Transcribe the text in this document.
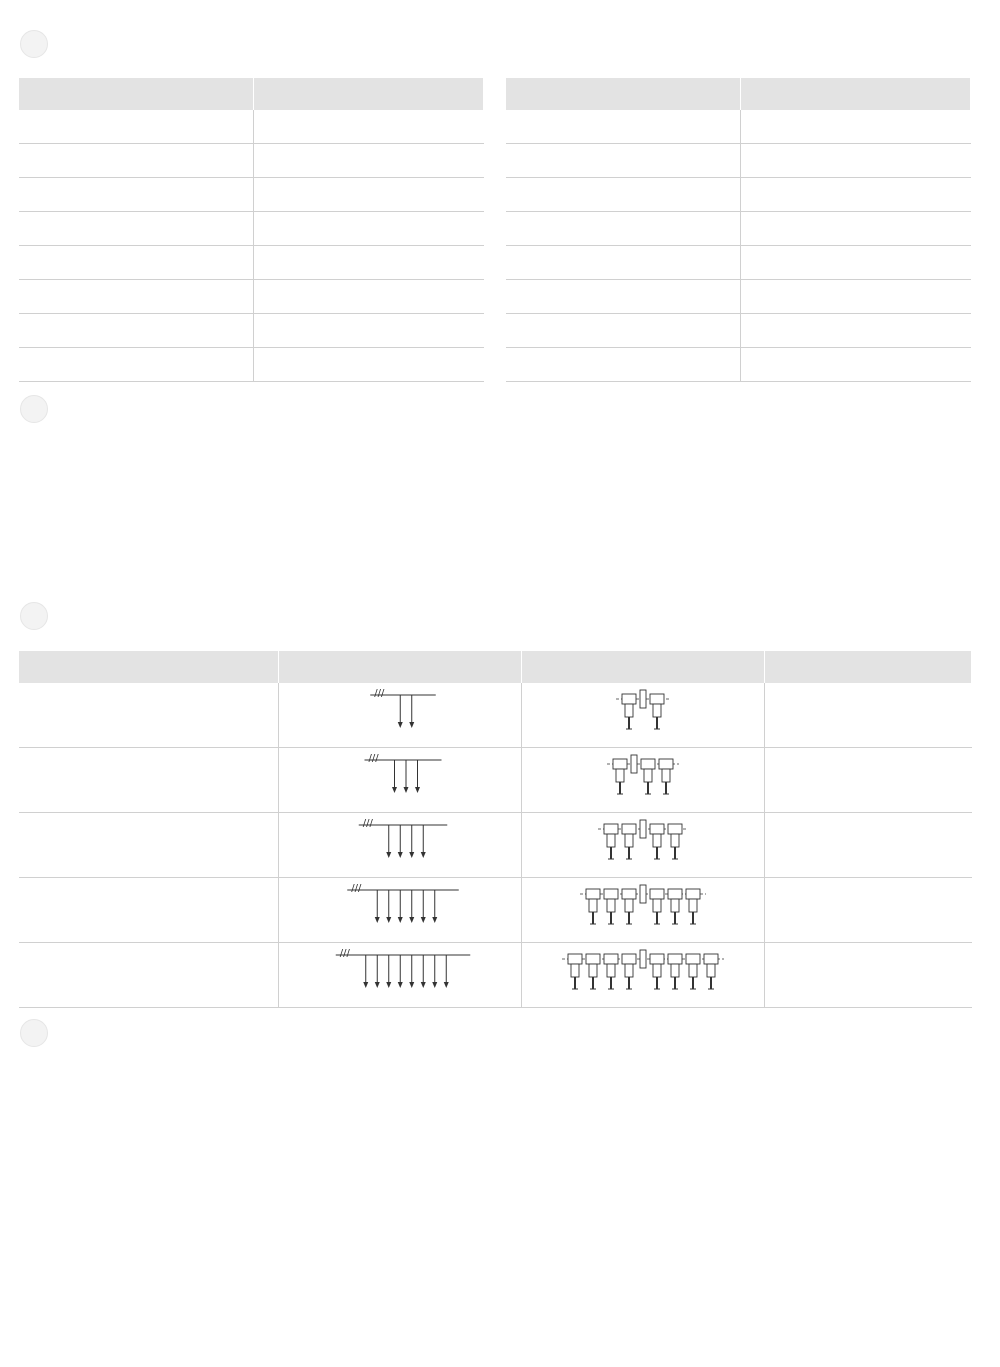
///

///

///

///

///
